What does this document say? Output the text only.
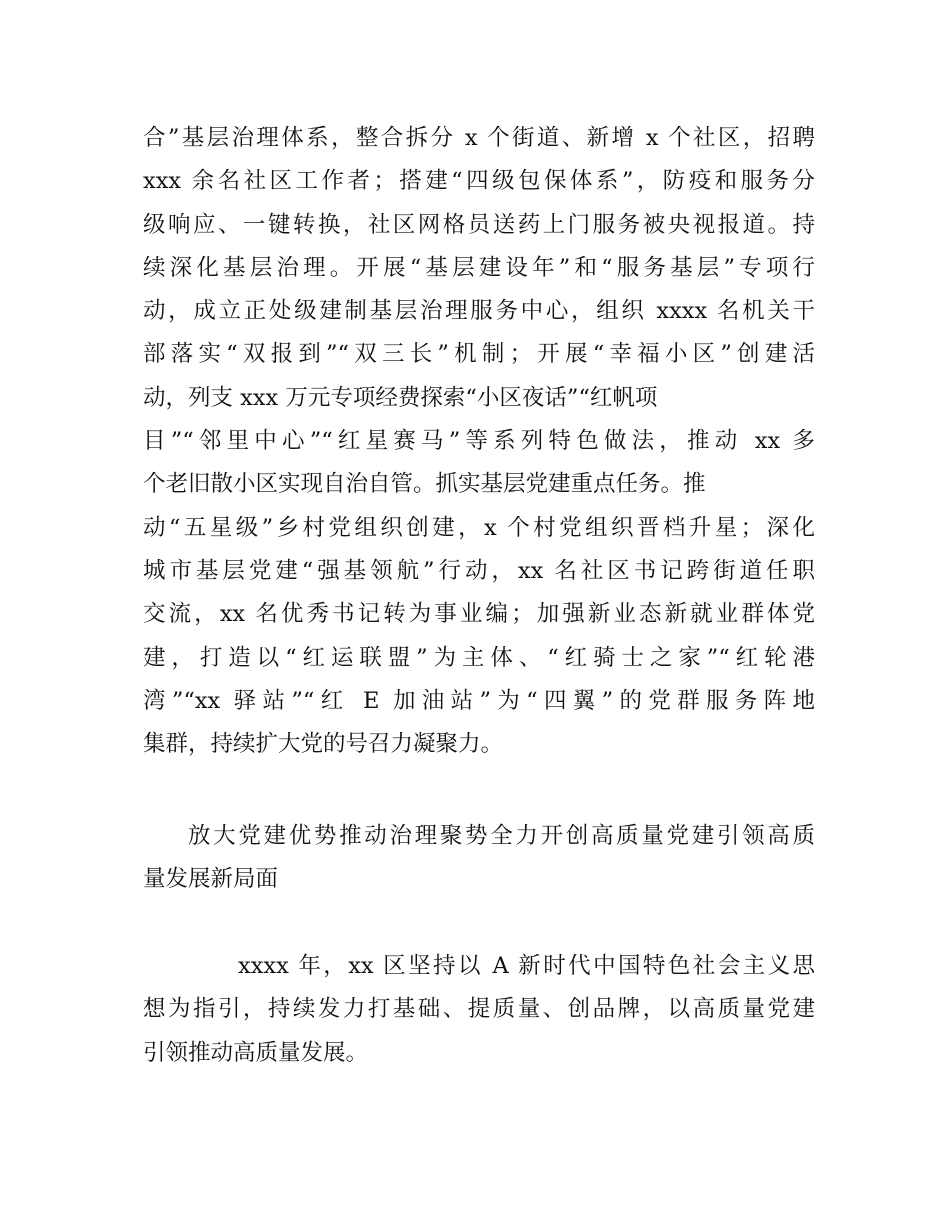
合”基层治理体系，整合拆分 x 个街道、新增 x 个社区，招聘
xxx 余名社区工作者；搭建“四级包保体系”，防疫和服务分
级响应、一键转换，社区网格员送药上门服务被央视报道。持
续深化基层治理。开展“基层建设年”和“服务基层”专项行
动，成立正处级建制基层治理服务中心，组织 xxxx 名机关干
部落实“双报到”“双三长”机制；开展“幸福小区”创建活
动，列支 xxx 万元专项经费探索“小区夜话”“红帆项
目”“邻里中心”“红星赛马”等系列特色做法，推动 xx 多
个老旧散小区实现自治自管。抓实基层党建重点任务。推
动“五星级”乡村党组织创建，x 个村党组织晋档升星；深化
城市基层党建“强基领航”行动，xx 名社区书记跨街道任职
交流，xx 名优秀书记转为事业编；加强新业态新就业群体党
建，打造以“红运联盟”为主体、“红骑士之家”“红轮港
湾”“xx 驿站”“红 E 加油站”为“四翼”的党群服务阵地
集群，持续扩大党的号召力凝聚力。
放大党建优势推动治理聚势全力开创高质量党建引领高质
量发展新局面
xxxx 年，xx 区坚持以 A 新时代中国特色社会主义思
想为指引，持续发力打基础、提质量、创品牌，以高质量党建
引领推动高质量发展。
